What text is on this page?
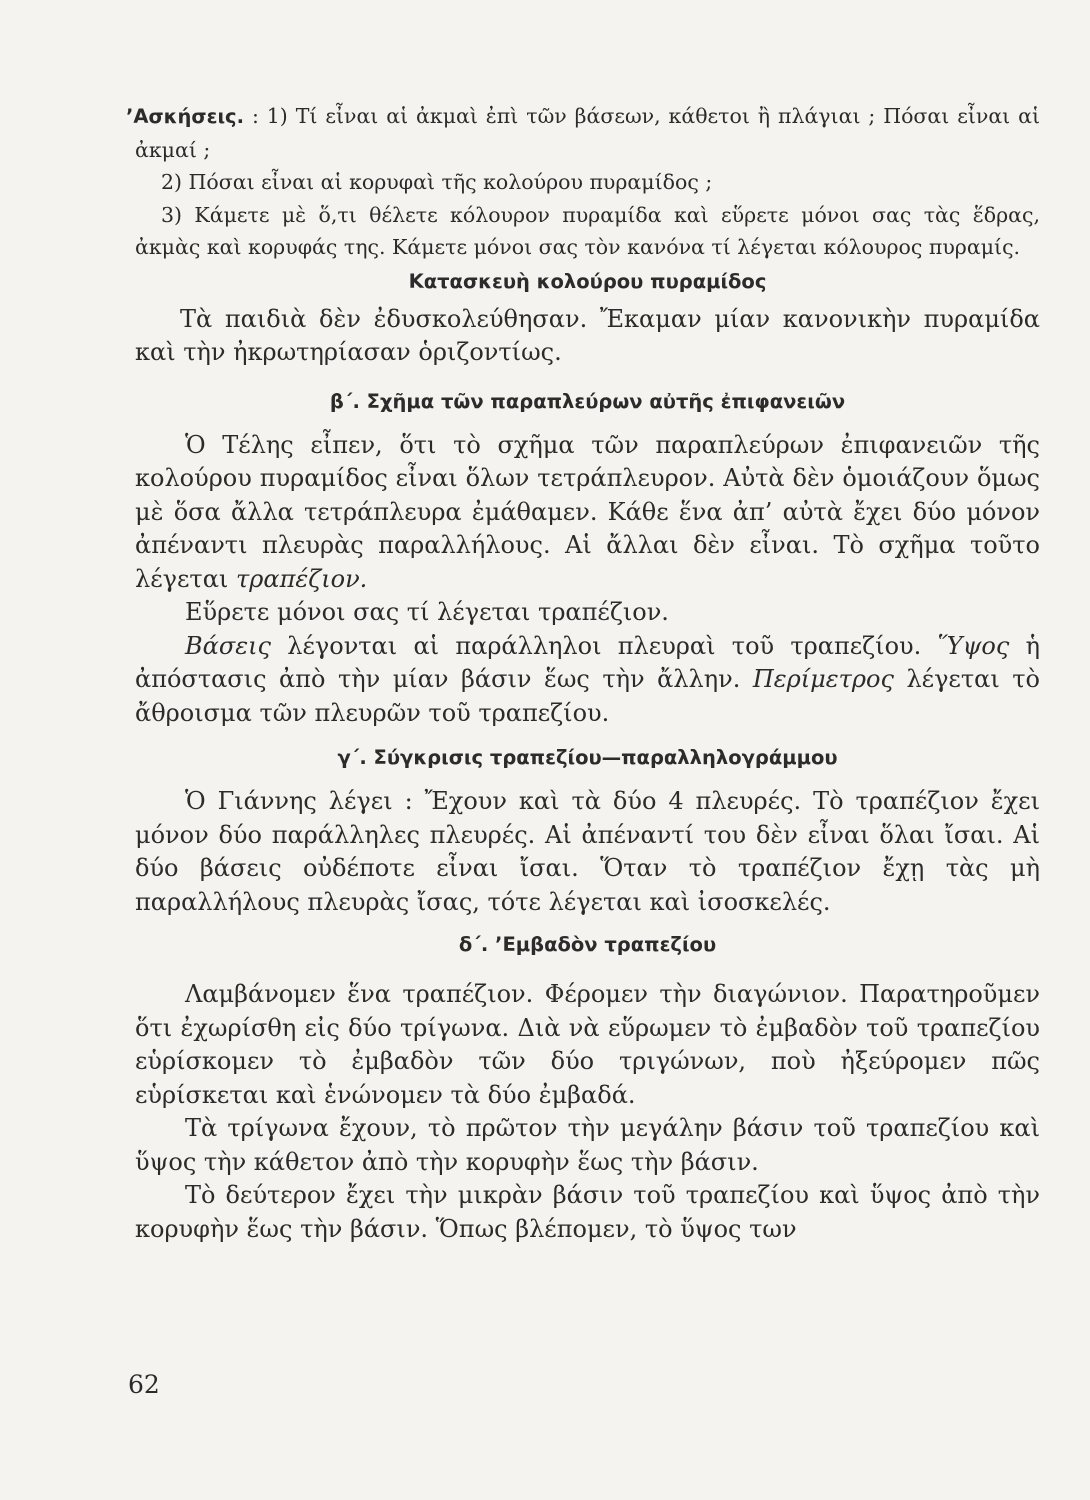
’Ασκήσεις. : 1) Τί εἶναι αἱ ἀκμαὶ ἐπὶ τῶν βάσεων, κάθετοι ἢ πλάγιαι ; Πόσαι εἶναι αἱ ἀκμαί ;

2) Πόσαι εἶναι αἱ κορυφαὶ τῆς κολούρου πυραμίδος ;

3) Κάμετε μὲ ὅ,τι θέλετε κόλουρον πυραμίδα καὶ εὕρετε μόνοι σας τὰς ἕδρας, ἀκμὰς καὶ κορυφάς της. Κάμετε μόνοι σας τὸν κανόνα τί λέγεται κόλουρος πυραμίς.

Κατασκευὴ κολούρου πυραμίδος

Τὰ παιδιὰ δὲν ἐδυσκολεύθησαν. Ἔκαμαν μίαν κανονικὴν πυραμίδα καὶ τὴν ἠκρωτηρίασαν ὁριζοντίως.

β΄. Σχῆμα τῶν παραπλεύρων αὐτῆς ἐπιφανειῶν

Ὁ Τέλης εἶπεν, ὅτι τὸ σχῆμα τῶν παραπλεύρων ἐπιφανειῶν τῆς κολούρου πυραμίδος εἶναι ὅλων τετράπλευρον. Αὐτὰ δὲν ὁμοιάζουν ὅμως μὲ ὅσα ἄλλα τετράπλευρα ἐμάθαμεν. Κάθε ἕνα ἀπ’ αὐτὰ ἔχει δύο μόνον ἀπέναντι πλευρὰς παραλλήλους. Αἱ ἄλλαι δὲν εἶναι. Τὸ σχῆμα τοῦτο λέγεται τραπέζιον.

Εὕρετε μόνοι σας τί λέγεται τραπέζιον.

Βάσεις λέγονται αἱ παράλληλοι πλευραὶ τοῦ τραπεζίου. Ὕψος ἡ ἀπόστασις ἀπὸ τὴν μίαν βάσιν ἕως τὴν ἄλλην. Περίμετρος λέγεται τὸ ἄθροισμα τῶν πλευρῶν τοῦ τραπεζίου.

γ΄. Σύγκρισις τραπεζίου—παραλληλογράμμου

Ὁ Γιάννης λέγει : Ἔχουν καὶ τὰ δύο 4 πλευρές. Τὸ τραπέζιον ἔχει μόνον δύο παράλληλες πλευρές. Αἱ ἀπέναντί του δὲν εἶναι ὅλαι ἴσαι. Αἱ δύο βάσεις οὐδέποτε εἶναι ἴσαι. Ὅταν τὸ τραπέζιον ἔχῃ τὰς μὴ παραλλήλους πλευρὰς ἴσας, τότε λέγεται καὶ ἰσοσκελές.

δ΄. ’Εμβαδὸν τραπεζίου

Λαμβάνομεν ἕνα τραπέζιον. Φέρομεν τὴν διαγώνιον. Παρατηροῦμεν ὅτι ἐχωρίσθη εἰς δύο τρίγωνα. Διὰ νὰ εὕρωμεν τὸ ἐμβαδὸν τοῦ τραπεζίου εὑρίσκομεν τὸ ἐμβαδὸν τῶν δύο τριγώνων, ποὺ ἠξεύρομεν πῶς εὑρίσκεται καὶ ἑνώνομεν τὰ δύο ἐμβαδά.

Τὰ τρίγωνα ἔχουν, τὸ πρῶτον τὴν μεγάλην βάσιν τοῦ τραπεζίου καὶ ὕψος τὴν κάθετον ἀπὸ τὴν κορυφὴν ἕως τὴν βάσιν.

Τὸ δεύτερον ἔχει τὴν μικρὰν βάσιν τοῦ τραπεζίου καὶ ὕψος ἀπὸ τὴν κορυφὴν ἕως τὴν βάσιν. Ὅπως βλέπομεν, τὸ ὕψος των

62
